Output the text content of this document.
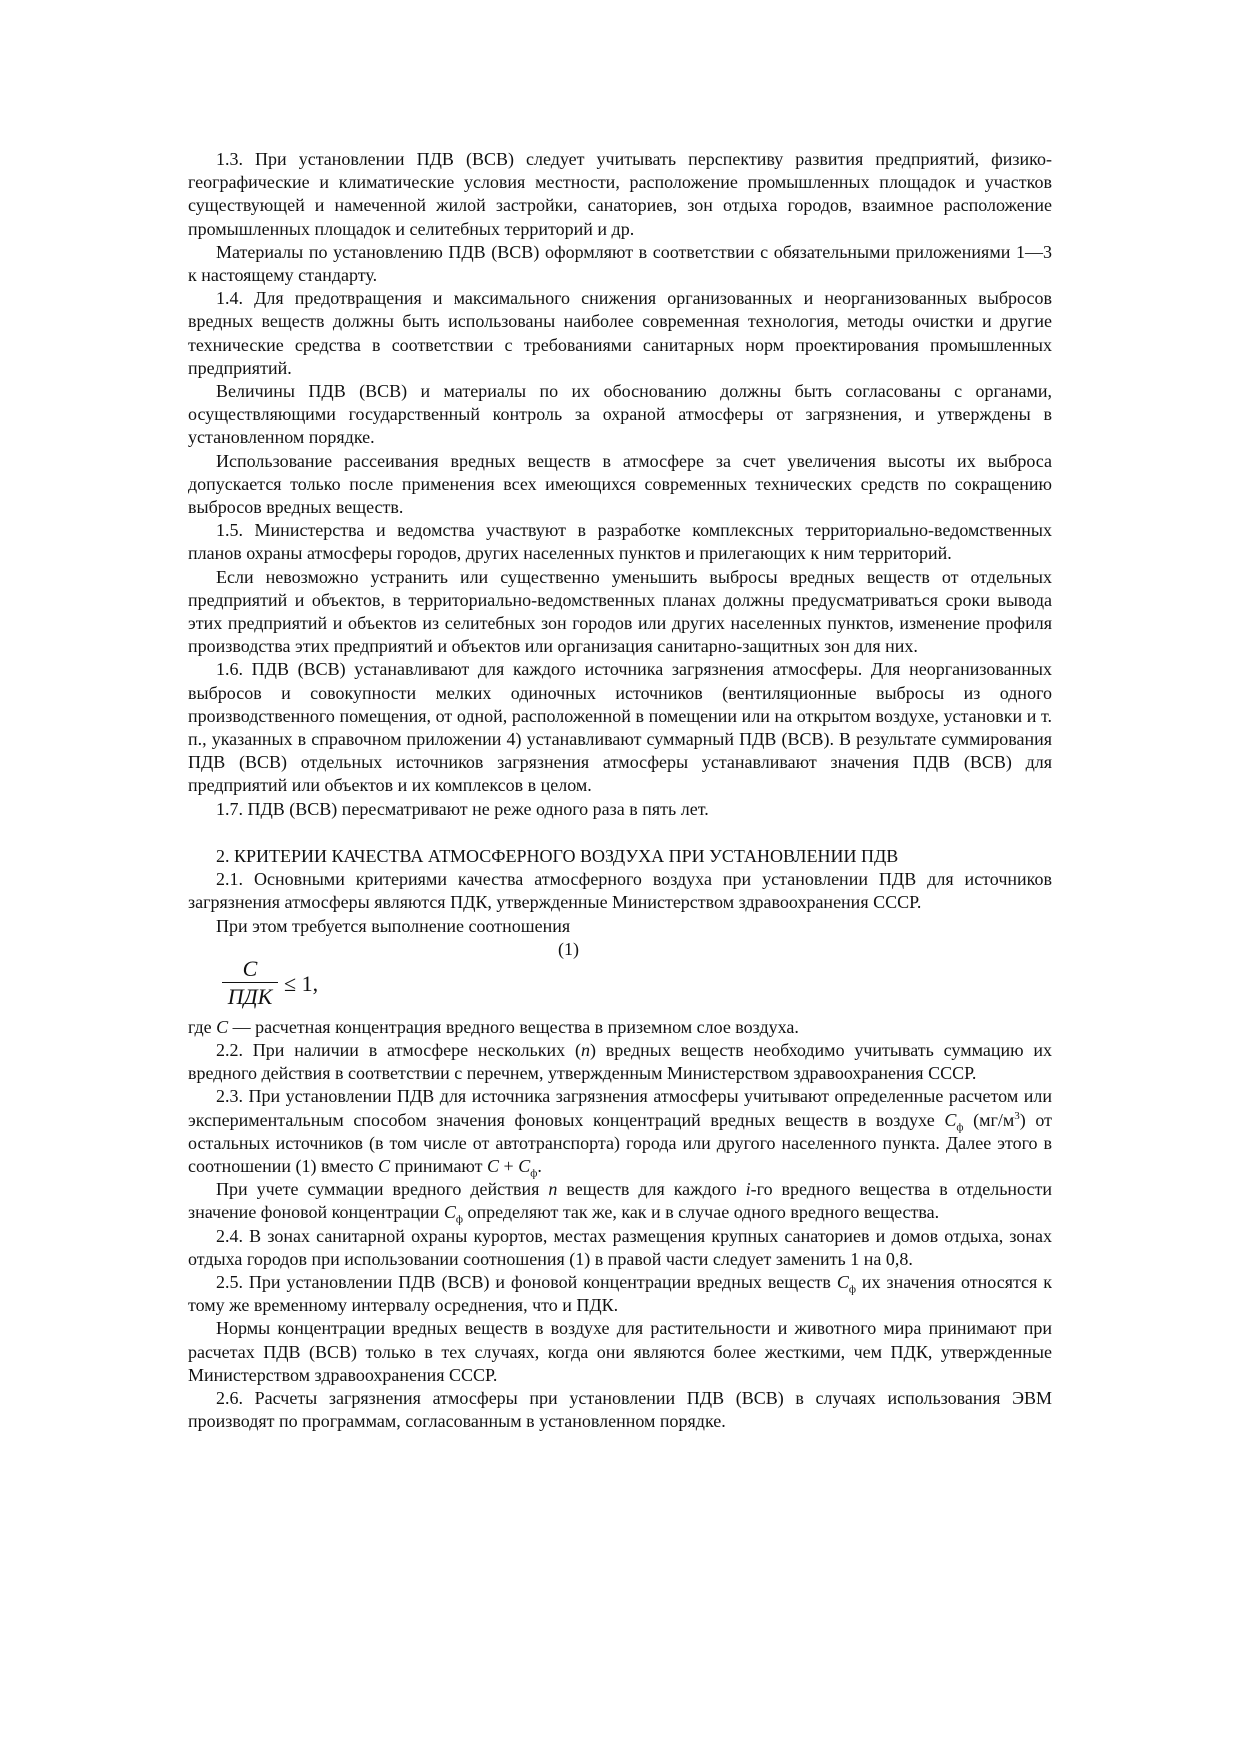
1.3. При установлении ПДВ (ВСВ) следует учитывать перспективу развития предприятий, физико-географические и климатические условия местности, расположение промышленных площадок и участков существующей и намеченной жилой застройки, санаториев, зон отдыха городов, взаимное расположение промышленных площадок и селитебных территорий и др.

Материалы по установлению ПДВ (ВСВ) оформляют в соответствии с обязательными приложениями 1—3 к настоящему стандарту.

1.4. Для предотвращения и максимального снижения организованных и неорганизованных выбросов вредных веществ должны быть использованы наиболее современная технология, методы очистки и другие технические средства в соответствии с требованиями санитарных норм проектирования промышленных предприятий.

Величины ПДВ (ВСВ) и материалы по их обоснованию должны быть согласованы с органами, осуществляющими государственный контроль за охраной атмосферы от загрязнения, и утверждены в установленном порядке.

Использование рассеивания вредных веществ в атмосфере за счет увеличения высоты их выброса допускается только после применения всех имеющихся современных технических средств по сокращению выбросов вредных веществ.

1.5. Министерства и ведомства участвуют в разработке комплексных территориально-ведомственных планов охраны атмосферы городов, других населенных пунктов и прилегающих к ним территорий.

Если невозможно устранить или существенно уменьшить выбросы вредных веществ от отдельных предприятий и объектов, в территориально-ведомственных планах должны предусматриваться сроки вывода этих предприятий и объектов из селитебных зон городов или других населенных пунктов, изменение профиля производства этих предприятий и объектов или организация санитарно-защитных зон для них.

1.6. ПДВ (ВСВ) устанавливают для каждого источника загрязнения атмосферы. Для неорганизованных выбросов и совокупности мелких одиночных источников (вентиляционные выбросы из одного производственного помещения, от одной, расположенной в помещении или на открытом воздухе, установки и т. п., указанных в справочном приложении 4) устанавливают суммарный ПДВ (ВСВ). В результате суммирования ПДВ (ВСВ) отдельных источников загрязнения атмосферы устанавливают значения ПДВ (ВСВ) для предприятий или объектов и их комплексов в целом.

1.7. ПДВ (ВСВ) пересматривают не реже одного раза в пять лет.

2. КРИТЕРИИ КАЧЕСТВА АТМОСФЕРНОГО ВОЗДУХА ПРИ УСТАНОВЛЕНИИ ПДВ

2.1. Основными критериями качества атмосферного воздуха при установлении ПДВ для источников загрязнения атмосферы являются ПДК, утвержденные Министерством здравоохранения СССР.

При этом требуется выполнение соотношения

(1)
$\frac{C}{\text{ПДК}} \le 1$,

где C — расчетная концентрация вредного вещества в приземном слое воздуха.

2.2. При наличии в атмосфере нескольких (n) вредных веществ необходимо учитывать суммацию их вредного действия в соответствии с перечнем, утвержденным Министерством здравоохранения СССР.

2.3. При установлении ПДВ для источника загрязнения атмосферы учитывают определенные расчетом или экспериментальным способом значения фоновых концентраций вредных веществ в воздухе $C_ф$ $(мг/м^3)$ от остальных источников (в том числе от автотранспорта) города или другого населенного пункта. Далее этого в соотношении (1) вместо C принимают $C + C_ф$.

При учете суммации вредного действия n веществ для каждого i-го вредного вещества в отдельности значение фоновой концентрации $C_ф$ определяют так же, как и в случае одного вредного вещества.

2.4. В зонах санитарной охраны курортов, местах размещения крупных санаториев и домов отдыха, зонах отдыха городов при использовании соотношения (1) в правой части следует заменить 1 на 0,8.

2.5. При установлении ПДВ (ВСВ) и фоновой концентрации вредных веществ $C_ф$ их значения относятся к тому же временному интервалу осреднения, что и ПДК.

Нормы концентрации вредных веществ в воздухе для растительности и животного мира принимают при расчетах ПДВ (ВСВ) только в тех случаях, когда они являются более жесткими, чем ПДК, утвержденные Министерством здравоохранения СССР.

2.6. Расчеты загрязнения атмосферы при установлении ПДВ (ВСВ) в случаях использования ЭВМ производят по программам, согласованным в установленном порядке.
